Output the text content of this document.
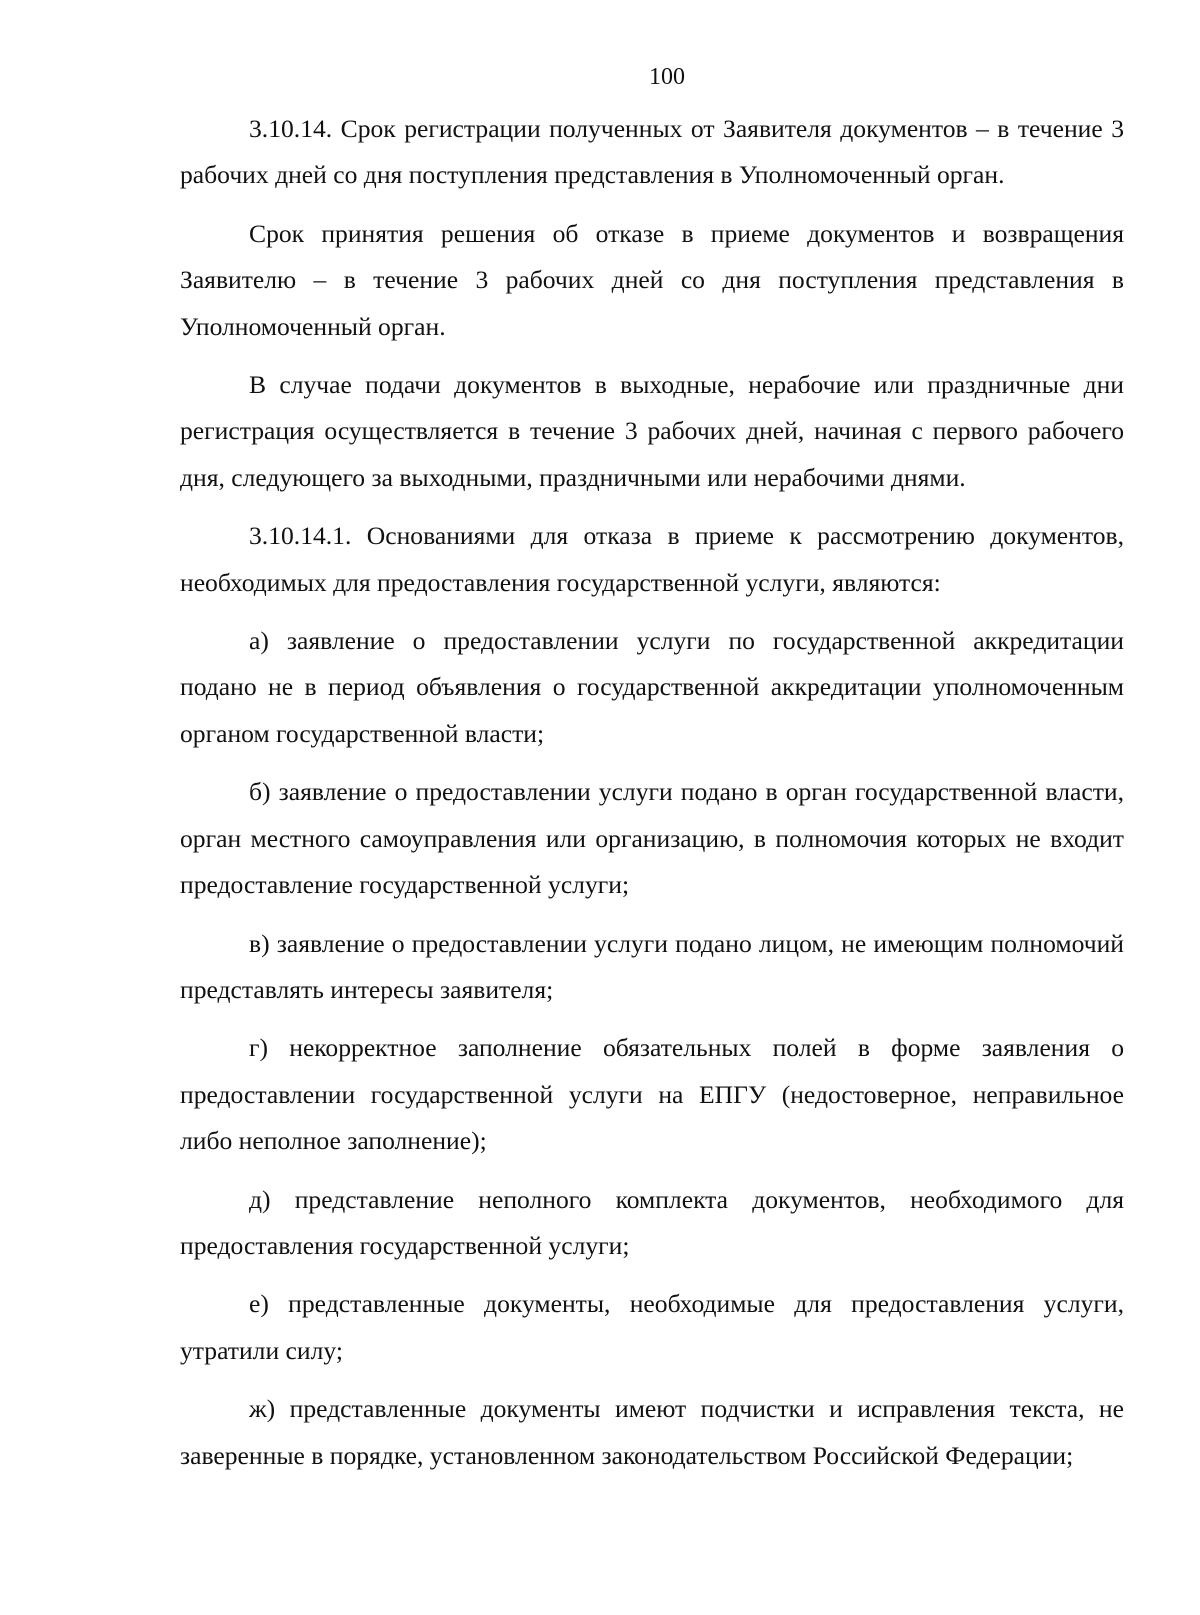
100

3.10.14. Срок регистрации полученных от Заявителя документов – в течение 3 рабочих дней со дня поступления представления в Уполномоченный орган.

Срок принятия решения об отказе в приеме документов и возвращения Заявителю – в течение 3 рабочих дней со дня поступления представления в Уполномоченный орган.

В случае подачи документов в выходные, нерабочие или праздничные дни регистрация осуществляется в течение 3 рабочих дней, начиная с первого рабочего дня, следующего за выходными, праздничными или нерабочими днями.

3.10.14.1. Основаниями для отказа в приеме к рассмотрению документов, необходимых для предоставления государственной услуги, являются:

а) заявление о предоставлении услуги по государственной аккредитации подано не в период объявления о государственной аккредитации уполномоченным органом государственной власти;

б) заявление о предоставлении услуги подано в орган государственной власти, орган местного самоуправления или организацию, в полномочия которых не входит предоставление государственной услуги;

в) заявление о предоставлении услуги подано лицом, не имеющим полномочий представлять интересы заявителя;

г) некорректное заполнение обязательных полей в форме заявления о предоставлении государственной услуги на ЕПГУ (недостоверное, неправильное либо неполное заполнение);

д) представление неполного комплекта документов, необходимого для предоставления государственной услуги;

е) представленные документы, необходимые для предоставления услуги, утратили силу;

ж) представленные документы имеют подчистки и исправления текста, не заверенные в порядке, установленном законодательством Российской Федерации;
